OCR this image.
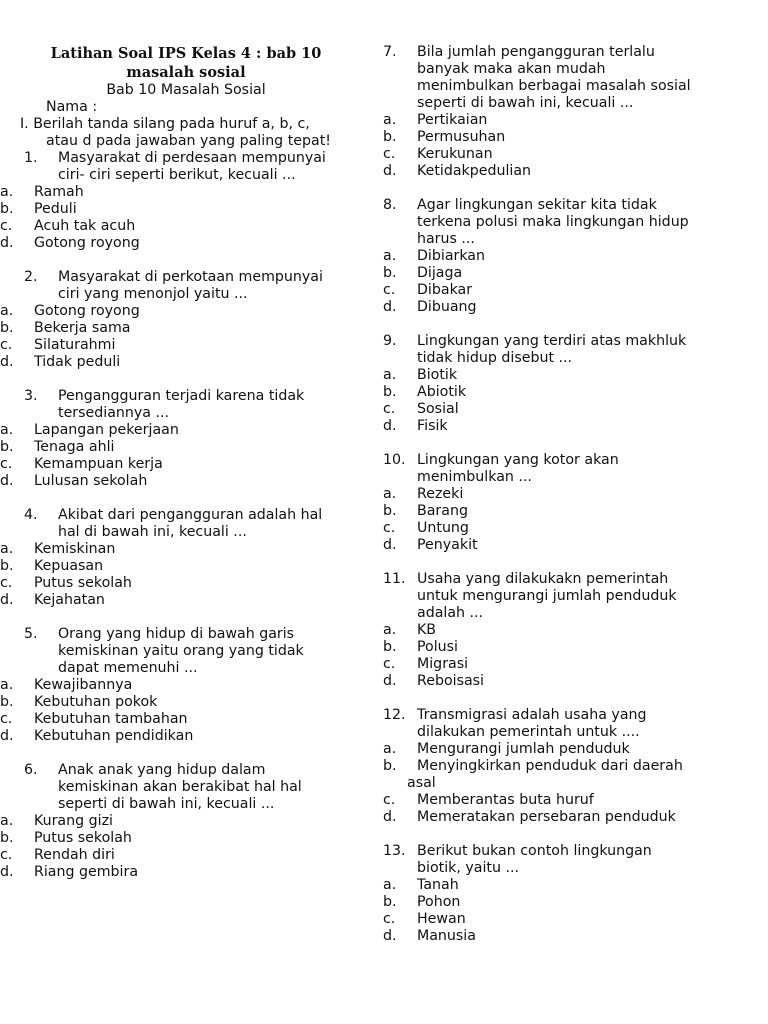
Latihan Soal IPS Kelas 4 : bab 10
masalah sosial
Bab 10 Masalah Sosial
Nama :
I. Berilah tanda silang pada huruf a, b, c,
atau d pada jawaban yang paling tepat!
1.	Masyarakat di perdesaan mempunyai
ciri- ciri seperti berikut, kecuali ...
a.	Ramah
b.	Peduli
c.	Acuh tak acuh
d.	Gotong royong
2.	Masyarakat di perkotaan mempunyai
ciri yang menonjol yaitu ...
a.	Gotong royong
b.	Bekerja sama
c.	Silaturahmi
d.	Tidak peduli
3.	Pengangguran terjadi karena tidak
tersediannya ...
a.	Lapangan pekerjaan
b.	Tenaga ahli
c.	Kemampuan kerja
d.	Lulusan sekolah
4.	Akibat dari pengangguran adalah hal
hal di bawah ini, kecuali ...
a.	Kemiskinan
b.	Kepuasan
c.	Putus sekolah
d.	Kejahatan
5.	Orang yang hidup di bawah garis
kemiskinan yaitu orang yang tidak
dapat memenuhi ...
a.	Kewajibannya
b.	Kebutuhan pokok
c.	Kebutuhan tambahan
d.	Kebutuhan pendidikan
6.	Anak anak yang hidup dalam
kemiskinan akan berakibat hal hal
seperti di bawah ini, kecuali ...
a.	Kurang gizi
b.	Putus sekolah
c.	Rendah diri
d.	Riang gembira
7.	Bila jumlah pengangguran terlalu
banyak maka akan mudah
menimbulkan berbagai masalah sosial
seperti di bawah ini, kecuali ...
a.	Pertikaian
b.	Permusuhan
c.	Kerukunan
d.	Ketidakpedulian
8.	Agar lingkungan sekitar kita tidak
terkena polusi maka lingkungan hidup
harus ...
a.	Dibiarkan
b.	Dijaga
c.	Dibakar
d.	Dibuang
9.	Lingkungan yang terdiri atas makhluk
tidak hidup disebut ...
a.	Biotik
b.	Abiotik
c.	Sosial
d.	Fisik
10. Lingkungan yang kotor akan
menimbulkan ...
a.	Rezeki
b.	Barang
c.	Untung
d.	Penyakit
11. Usaha yang dilakukakn pemerintah
untuk mengurangi jumlah penduduk
adalah ...
a.	KB
b.	Polusi
c.	Migrasi
d.	Reboisasi
12. Transmigrasi adalah usaha yang
dilakukan pemerintah untuk ....
a.	Mengurangi jumlah penduduk
b.	Menyingkirkan penduduk dari daerah
asal
c.	Memberantas buta huruf
d.	Memeratakan persebaran penduduk
13. Berikut bukan contoh lingkungan
biotik, yaitu ...
a.	Tanah
b.	Pohon
c.	Hewan
d.	Manusia
